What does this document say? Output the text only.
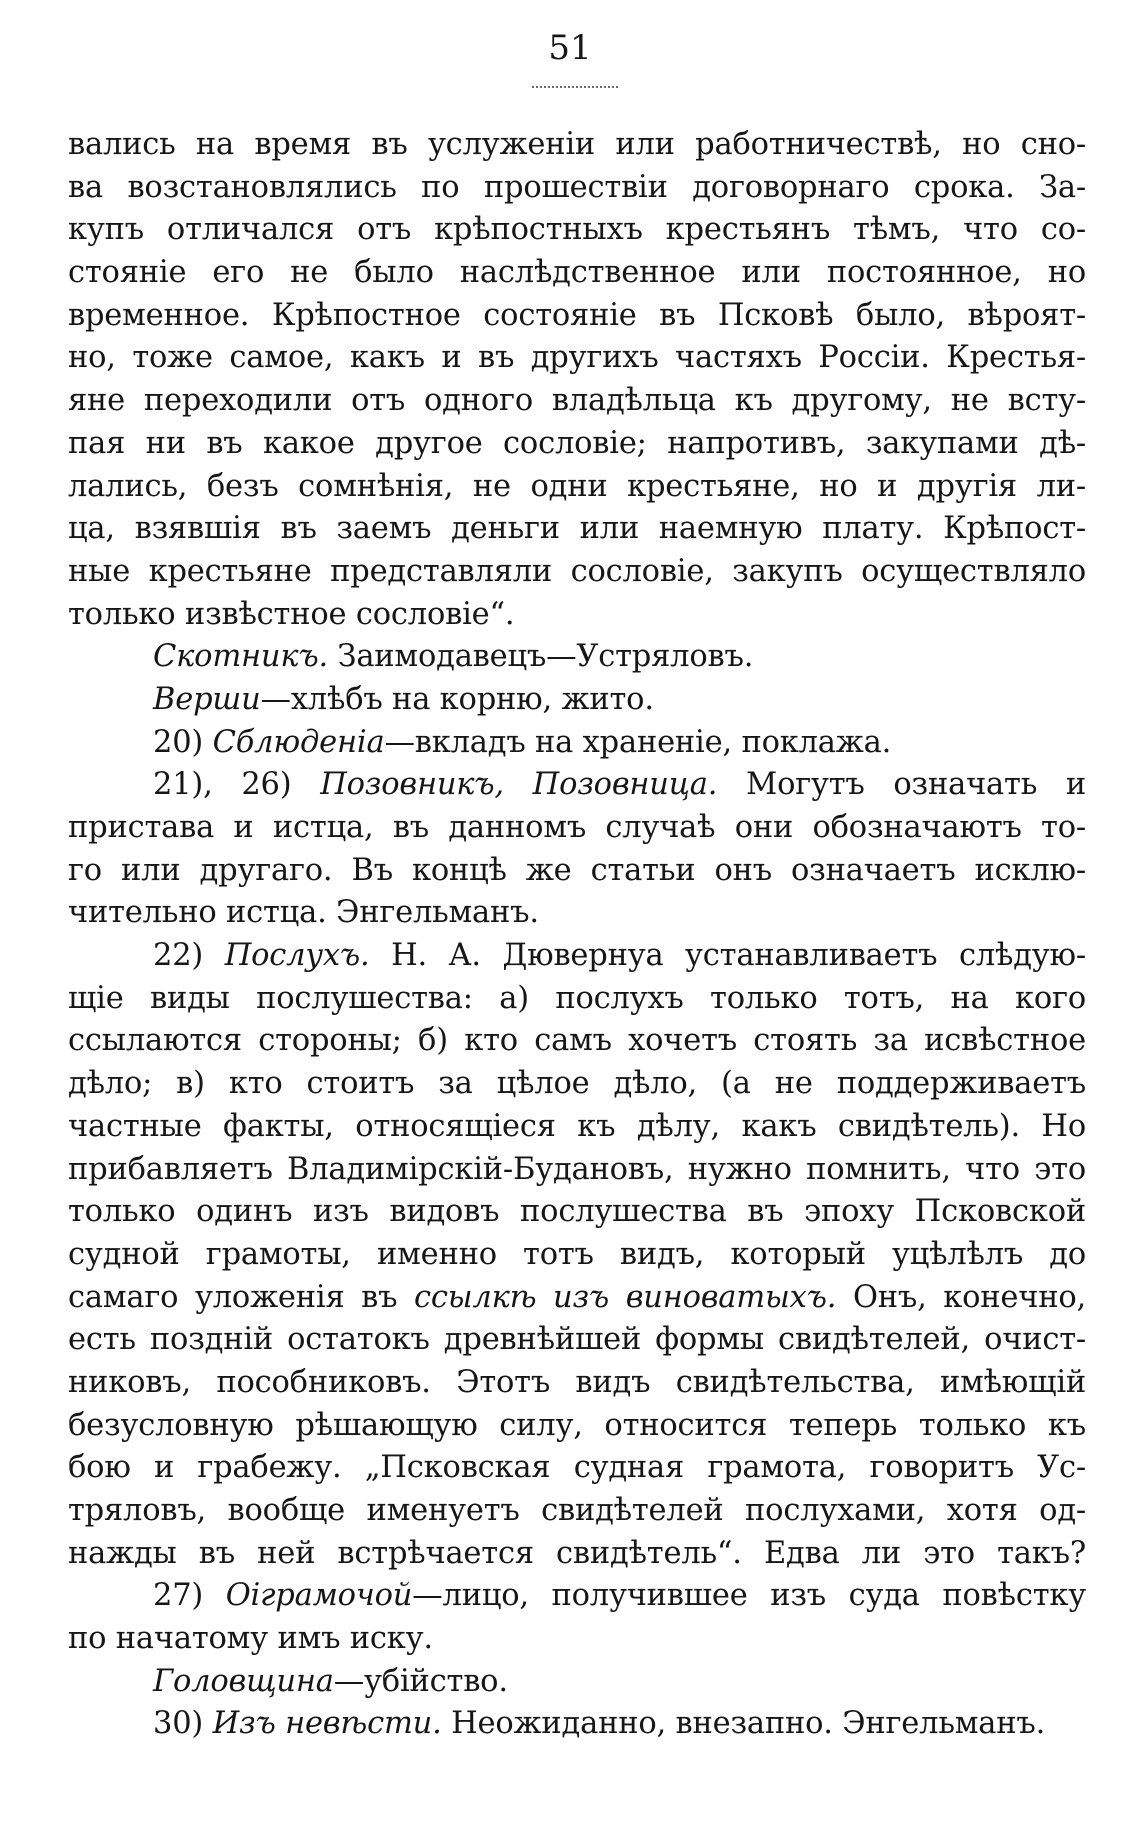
51
вались на время въ услуженіи или работничествѣ, но сно-
ва возстановлялись по прошествіи договорнаго срока. За-
купъ отличался отъ крѣпостныхъ крестьянъ тѣмъ, что со-
стояніе его не было наслѣдственное или постоянное, но
временное. Крѣпостное состояніе въ Псковѣ было, вѣроят-
но, тоже самое, какъ и въ другихъ частяхъ Россіи. Крестья-
яне переходили отъ одного владѣльца къ другому, не всту-
пая ни въ какое другое сословіе; напротивъ, закупами дѣ-
лались, безъ сомнѣнія, не одни крестьяне, но и другія ли-
ца, взявшія въ заемъ деньги или наемную плату. Крѣпост-
ные крестьяне представляли сословіе, закупъ осуществляло
только извѣстное сословіе“.
Скотникъ. Заимодавецъ—Устряловъ.
Верши—хлѣбъ на корню, жито.
20) Сблюденіа—вкладъ на храненіе, поклажа.
21), 26) Позовникъ, Позовница. Могутъ означать и
пристава и истца, въ данномъ случаѣ они обозначаютъ то-
го или другаго. Въ концѣ же статьи онъ означаетъ исклю-
чительно истца. Энгельманъ.
22) Послухъ. Н. А. Дювернуа устанавливаетъ слѣдую-
щіе виды послушества: а) послухъ только тотъ, на кого
ссылаются стороны; б) кто самъ хочетъ стоять за исвѣстное
дѣло; в) кто стоитъ за цѣлое дѣло, (а не поддерживаетъ
частные факты, относящіеся къ дѣлу, какъ свидѣтель). Но
прибавляетъ Владимірскій-Будановъ, нужно помнить, что это
только одинъ изъ видовъ послушества въ эпоху Псковской
судной грамоты, именно тотъ видъ, который уцѣлѣлъ до
самаго уложенія въ ссылкѣ изъ виноватыхъ. Онъ, конечно,
есть поздній остатокъ древнѣйшей формы свидѣтелей, очист-
никовъ, пособниковъ. Этотъ видъ свидѣтельства, имѣющій
безусловную рѣшающую силу, относится теперь только къ
бою и грабежу. „Псковская судная грамота, говоритъ Ус-
тряловъ, вообще именуетъ свидѣтелей послухами, хотя од-
нажды въ ней встрѣчается свидѣтель“. Едва ли это такъ?
27) Оіграмочой—лицо, получившее изъ суда повѣстку
по начатому имъ иску.
Головщина—убійство.
30) Изъ невѣсти. Неожиданно, внезапно. Энгельманъ.
